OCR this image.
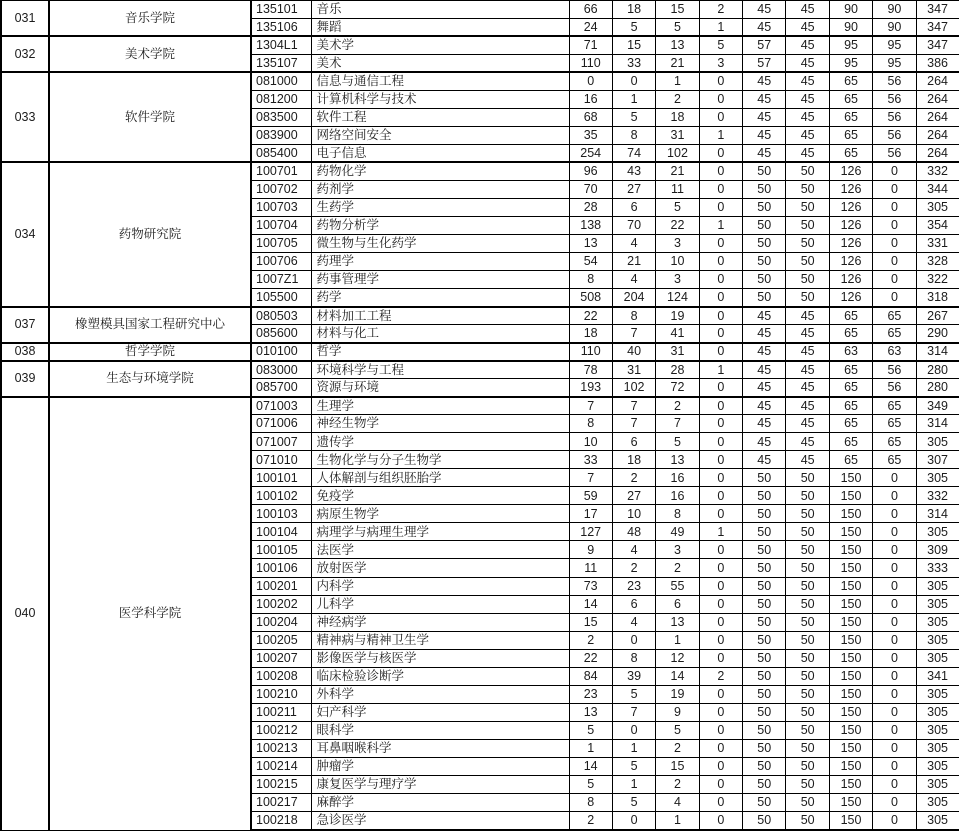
031	音乐学院	135101	音乐	66	18	15	2	45	45	90	90	347
		135106	舞蹈	24	5	5	1	45	45	90	90	347
032	美术学院	1304L1	美术学	71	15	13	5	57	45	95	95	347
		135107	美术	110	33	21	3	57	45	95	95	386
033	软件学院	081000	信息与通信工程	0	0	1	0	45	45	65	56	264
		081200	计算机科学与技术	16	1	2	0	45	45	65	56	264
		083500	软件工程	68	5	18	0	45	45	65	56	264
		083900	网络空间安全	35	8	31	1	45	45	65	56	264
		085400	电子信息	254	74	102	0	45	45	65	56	264
034	药物研究院	100701	药物化学	96	43	21	0	50	50	126	0	332
		100702	药剂学	70	27	11	0	50	50	126	0	344
		100703	生药学	28	6	5	0	50	50	126	0	305
		100704	药物分析学	138	70	22	1	50	50	126	0	354
		100705	微生物与生化药学	13	4	3	0	50	50	126	0	331
		100706	药理学	54	21	10	0	50	50	126	0	328
		1007Z1	药事管理学	8	4	3	0	50	50	126	0	322
		105500	药学	508	204	124	0	50	50	126	0	318
037	橡塑模具国家工程研究中心	080503	材料加工工程	22	8	19	0	45	45	65	65	267
		085600	材料与化工	18	7	41	0	45	45	65	65	290
038	哲学学院	010100	哲学	110	40	31	0	45	45	63	63	314
039	生态与环境学院	083000	环境科学与工程	78	31	28	1	45	45	65	56	280
		085700	资源与环境	193	102	72	0	45	45	65	56	280
040	医学科学院	071003	生理学	7	7	2	0	45	45	65	65	349
		071006	神经生物学	8	7	7	0	45	45	65	65	314
		071007	遗传学	10	6	5	0	45	45	65	65	305
		071010	生物化学与分子生物学	33	18	13	0	45	45	65	65	307
		100101	人体解剖与组织胚胎学	7	2	16	0	50	50	150	0	305
		100102	免疫学	59	27	16	0	50	50	150	0	332
		100103	病原生物学	17	10	8	0	50	50	150	0	314
		100104	病理学与病理生理学	127	48	49	1	50	50	150	0	305
		100105	法医学	9	4	3	0	50	50	150	0	309
		100106	放射医学	11	2	2	0	50	50	150	0	333
		100201	内科学	73	23	55	0	50	50	150	0	305
		100202	儿科学	14	6	6	0	50	50	150	0	305
		100204	神经病学	15	4	13	0	50	50	150	0	305
		100205	精神病与精神卫生学	2	0	1	0	50	50	150	0	305
		100207	影像医学与核医学	22	8	12	0	50	50	150	0	305
		100208	临床检验诊断学	84	39	14	2	50	50	150	0	341
		100210	外科学	23	5	19	0	50	50	150	0	305
		100211	妇产科学	13	7	9	0	50	50	150	0	305
		100212	眼科学	5	0	5	0	50	50	150	0	305
		100213	耳鼻咽喉科学	1	1	2	0	50	50	150	0	305
		100214	肿瘤学	14	5	15	0	50	50	150	0	305
		100215	康复医学与理疗学	5	1	2	0	50	50	150	0	305
		100217	麻醉学	8	5	4	0	50	50	150	0	305
		100218	急诊医学	2	0	1	0	50	50	150	0	305
